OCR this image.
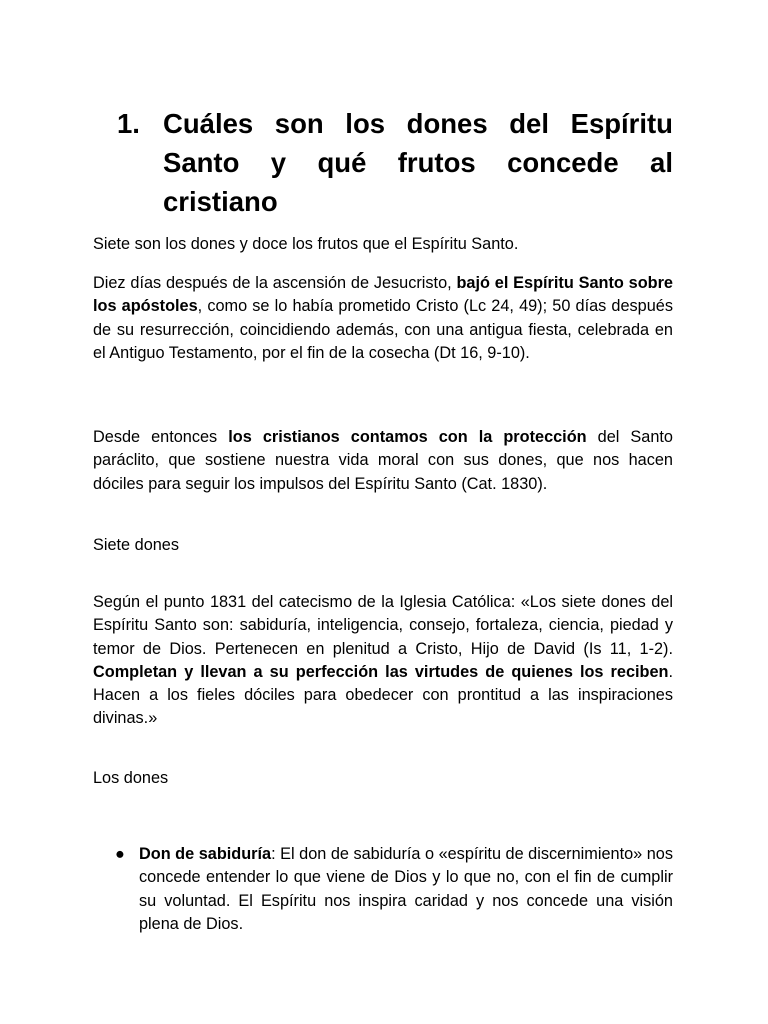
1. Cuáles son los dones del Espíritu Santo y qué frutos concede al cristiano

Siete son los dones y doce los frutos que el Espíritu Santo.

Diez días después de la ascensión de Jesucristo, bajó el Espíritu Santo sobre los apóstoles, como se lo había prometido Cristo (Lc 24, 49); 50 días después de su resurrección, coincidiendo además, con una antigua fiesta, celebrada en el Antiguo Testamento, por el fin de la cosecha (Dt 16, 9-10).

Desde entonces los cristianos contamos con la protección del Santo paráclito, que sostiene nuestra vida moral con sus dones, que nos hacen dóciles para seguir los impulsos del Espíritu Santo (Cat. 1830).

Siete dones

Según el punto 1831 del catecismo de la Iglesia Católica: «Los siete dones del Espíritu Santo son: sabiduría, inteligencia, consejo, fortaleza, ciencia, piedad y temor de Dios. Pertenecen en plenitud a Cristo, Hijo de David (Is 11, 1-2). Completan y llevan a su perfección las virtudes de quienes los reciben. Hacen a los fieles dóciles para obedecer con prontitud a las inspiraciones divinas.»

Los dones

● Don de sabiduría: El don de sabiduría o «espíritu de discernimiento» nos concede entender lo que viene de Dios y lo que no, con el fin de cumplir su voluntad. El Espíritu nos inspira caridad y nos concede una visión plena de Dios.
